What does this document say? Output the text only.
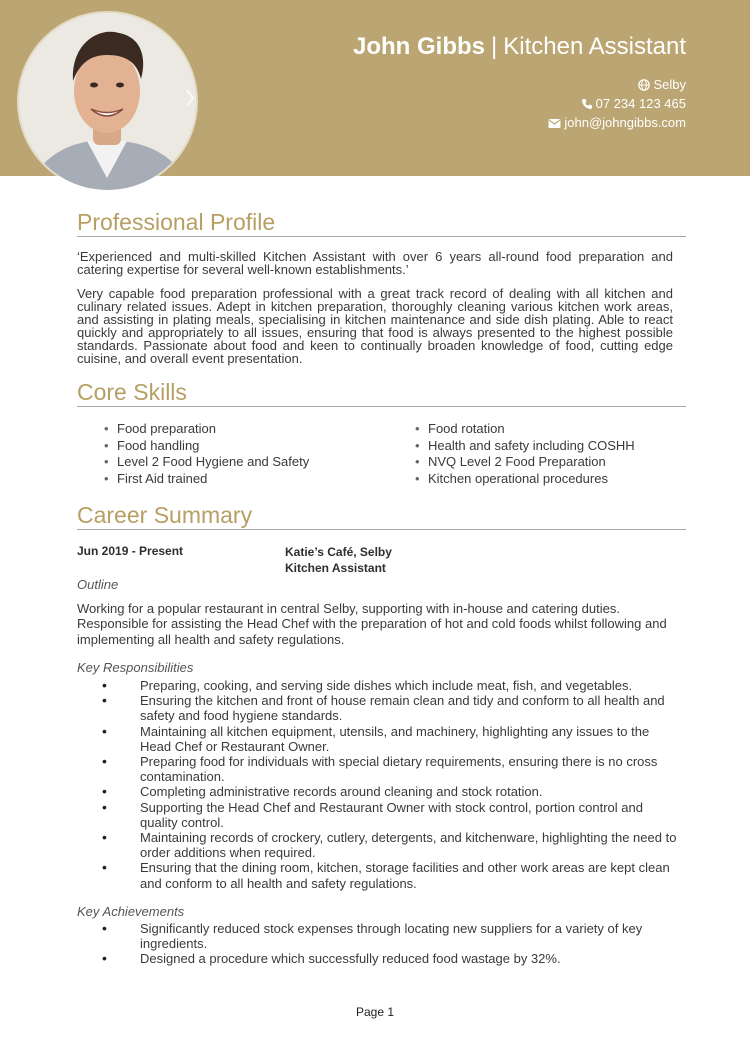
John Gibbs | Kitchen Assistant
Selby
07 234 123 465
john@johngibbs.com
Professional Profile
‘Experienced and multi-skilled Kitchen Assistant with over 6 years all-round food preparation and catering expertise for several well-known establishments.’
Very capable food preparation professional with a great track record of dealing with all kitchen and culinary related issues. Adept in kitchen preparation, thoroughly cleaning various kitchen work areas, and assisting in plating meals, specialising in kitchen maintenance and side dish plating. Able to react quickly and appropriately to all issues, ensuring that food is always presented to the highest possible standards. Passionate about food and keen to continually broaden knowledge of food, cutting edge cuisine, and overall event presentation.
Core Skills
• Food preparation
• Food handling
• Level 2 Food Hygiene and Safety
• First Aid trained
• Food rotation
• Health and safety including COSHH
• NVQ Level 2 Food Preparation
• Kitchen operational procedures
Career Summary
Jun 2019 - Present	Katie’s Café, Selby
Kitchen Assistant
Outline
Working for a popular restaurant in central Selby, supporting with in-house and catering duties. Responsible for assisting the Head Chef with the preparation of hot and cold foods whilst following and implementing all health and safety regulations.
Key Responsibilities
•	Preparing, cooking, and serving side dishes which include meat, fish, and vegetables.
•	Ensuring the kitchen and front of house remain clean and tidy and conform to all health and safety and food hygiene standards.
•	Maintaining all kitchen equipment, utensils, and machinery, highlighting any issues to the Head Chef or Restaurant Owner.
•	Preparing food for individuals with special dietary requirements, ensuring there is no cross contamination.
•	Completing administrative records around cleaning and stock rotation.
•	Supporting the Head Chef and Restaurant Owner with stock control, portion control and quality control.
•	Maintaining records of crockery, cutlery, detergents, and kitchenware, highlighting the need to order additions when required.
•	Ensuring that the dining room, kitchen, storage facilities and other work areas are kept clean and conform to all health and safety regulations.
Key Achievements
•	Significantly reduced stock expenses through locating new suppliers for a variety of key ingredients.
•	Designed a procedure which successfully reduced food wastage by 32%.
Page 1
